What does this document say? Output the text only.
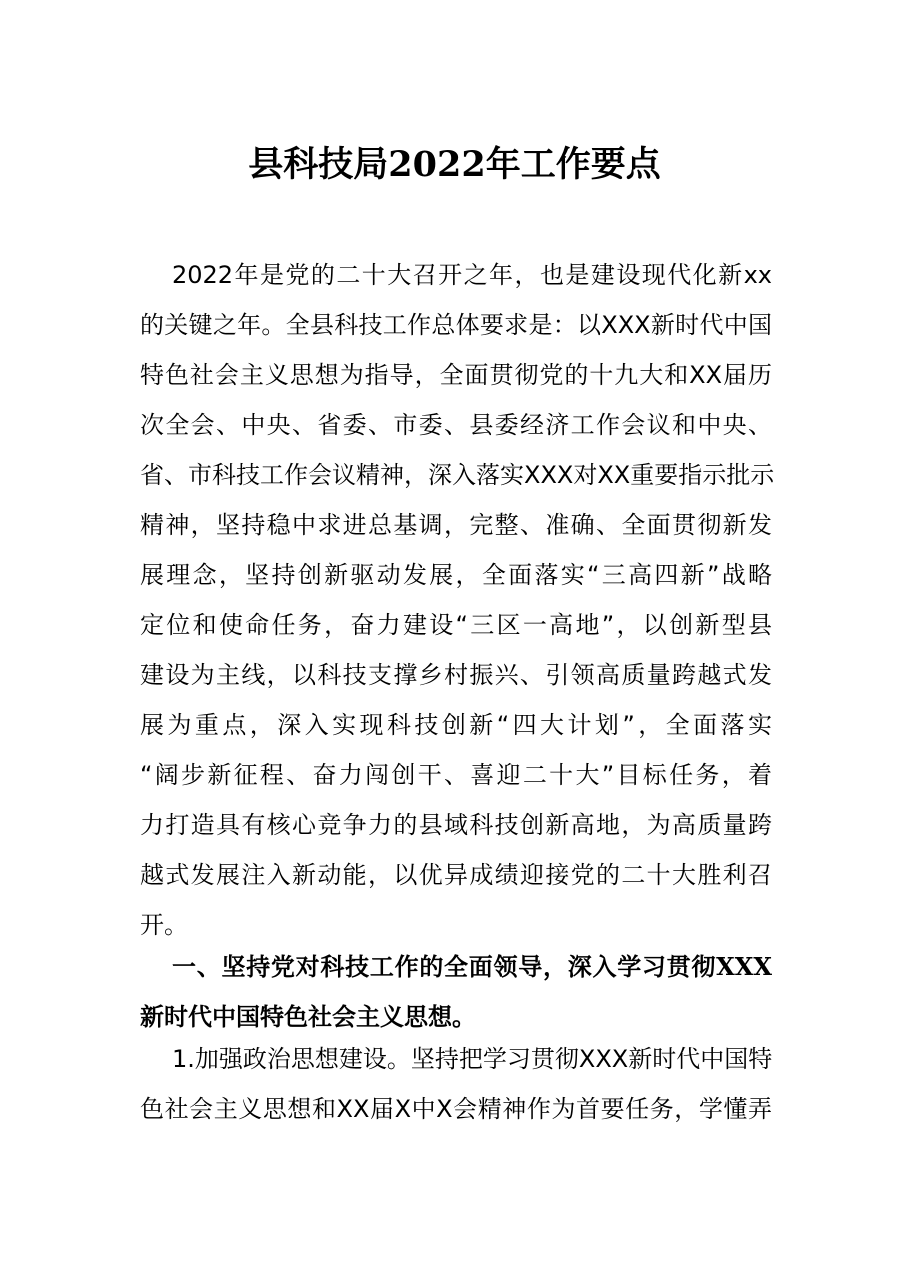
县科技局2022年工作要点
2022年是党的二十大召开之年，也是建设现代化新xx
的关键之年。全县科技工作总体要求是：以XXX新时代中国
特色社会主义思想为指导，全面贯彻党的十九大和XX届历
次全会、中央、省委、市委、县委经济工作会议和中央、
省、市科技工作会议精神，深入落实XXX对XX重要指示批示
精神，坚持稳中求进总基调，完整、准确、全面贯彻新发
展理念，坚持创新驱动发展，全面落实“三高四新”战略
定位和使命任务，奋力建设“三区一高地”，以创新型县
建设为主线，以科技支撑乡村振兴、引领高质量跨越式发
展为重点，深入实现科技创新“四大计划”，全面落实
“阔步新征程、奋力闯创干、喜迎二十大”目标任务，着
力打造具有核心竞争力的县域科技创新高地，为高质量跨
越式发展注入新动能，以优异成绩迎接党的二十大胜利召
开。
一、坚持党对科技工作的全面领导，深入学习贯彻XXX
新时代中国特色社会主义思想。
1.加强政治思想建设。坚持把学习贯彻XXX新时代中国特
色社会主义思想和XX届X中X会精神作为首要任务，学懂弄
